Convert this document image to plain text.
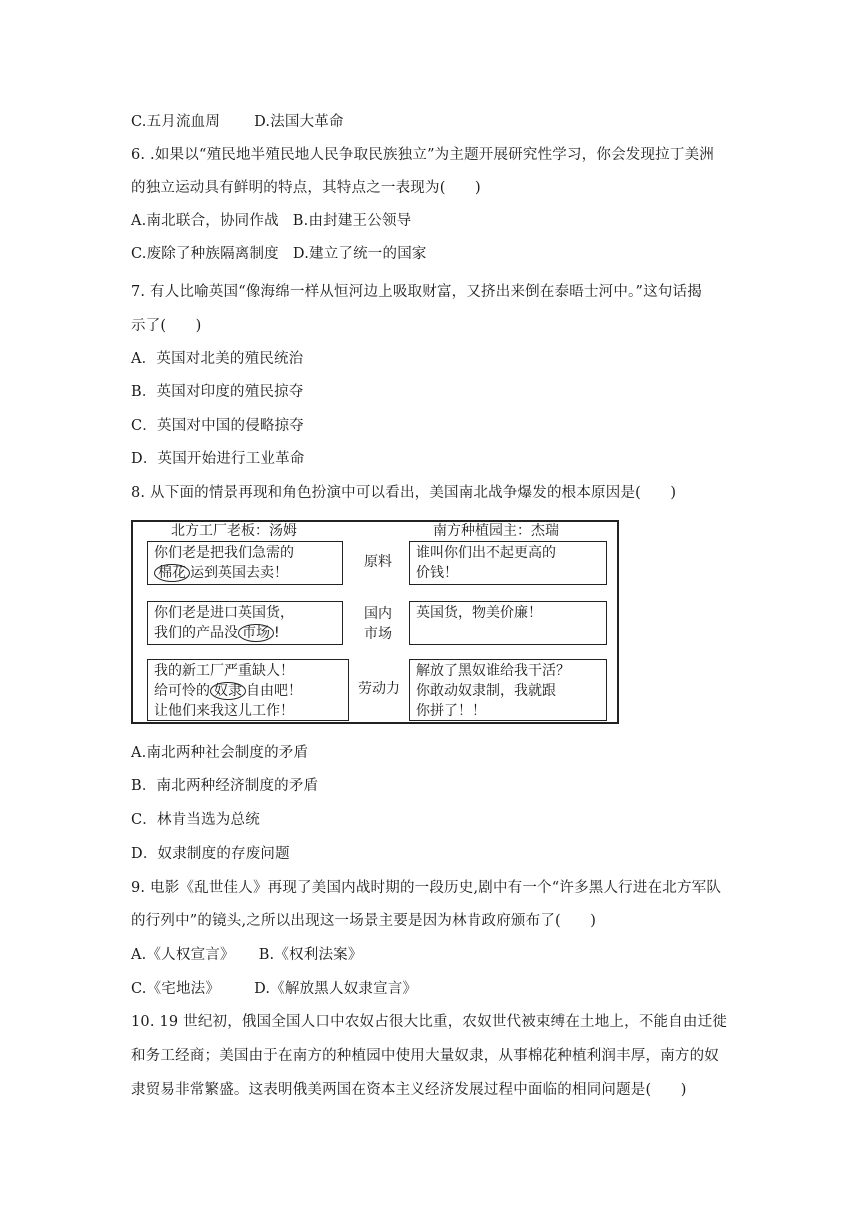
C.五月流血周 D.法国大革命
6. .如果以“殖民地半殖民地人民争取民族独立”为主题开展研究性学习，你会发现拉丁美洲
的独立运动具有鲜明的特点，其特点之一表现为(　　)
A.南北联合，协同作战 B.由封建王公领导
C.废除了种族隔离制度 D.建立了统一的国家
7. 有人比喻英国“像海绵一样从恒河边上吸取财富，又挤出来倒在泰晤士河中。”这句话揭
示了(　　)
A．英国对北美的殖民统治
B．英国对印度的殖民掠夺
C．英国对中国的侵略掠夺
D．英国开始进行工业革命
8. 从下面的情景再现和角色扮演中可以看出，美国南北战争爆发的根本原因是(　　)
北方工厂老板：汤姆	南方种植园主：杰瑞
你们老是把我们急需的
棉花 运到英国去卖！
原料
谁叫你们出不起更高的
价钱！
你们老是进口英国货，
我们的产品没 市场 !
国内
市场
英国货，物美价廉！
我的新工厂严重缺人！
给可怜的 奴隶 自由吧！
让他们来我这儿工作！
劳动力
解放了黑奴谁给我干活？
你敢动奴隶制，我就跟
你拼了！！
A.南北两种社会制度的矛盾
B．南北两种经济制度的矛盾
C．林肯当选为总统
D．奴隶制度的存废问题
9. 电影《乱世佳人》再现了美国内战时期的一段历史,剧中有一个“许多黑人行进在北方军队
的行列中”的镜头,之所以出现这一场景主要是因为林肯政府颁布了(　　)
A.《人权宣言》 B.《权利法案》
C.《宅地法》 D.《解放黑人奴隶宣言》
10. 19 世纪初，俄国全国人口中农奴占很大比重，农奴世代被束缚在土地上，不能自由迁徙
和务工经商；美国由于在南方的种植园中使用大量奴隶，从事棉花种植利润丰厚，南方的奴
隶贸易非常繁盛。这表明俄美两国在资本主义经济发展过程中面临的相同问题是(　　)
